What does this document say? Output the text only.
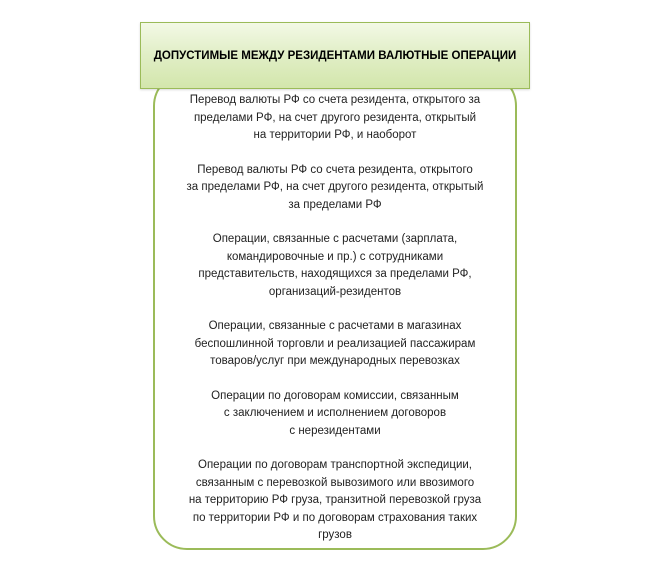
ДОПУСТИМЫЕ МЕЖДУ РЕЗИДЕНТАМИ ВАЛЮТНЫЕ ОПЕРАЦИИ
Перевод валюты РФ со счета резидента, открытого за
пределами РФ, на счет другого резидента, открытый
на территории РФ, и наоборот
Перевод валюты РФ со счета резидента, открытого
за пределами РФ, на счет другого резидента, открытый
за пределами РФ
Операции, связанные с расчетами (зарплата,
командировочные и пр.) с сотрудниками
представительств, находящихся за пределами РФ,
организаций-резидентов
Операции, связанные с расчетами в магазинах
беспошлинной торговли и реализацией пассажирам
товаров/услуг при международных перевозках
Операции по договорам комиссии, связанным
с заключением и исполнением договоров
с нерезидентами
Операции по договорам транспортной экспедиции,
связанным с перевозкой вывозимого или ввозимого
на территорию РФ груза, транзитной перевозкой груза
по территории РФ и по договорам страхования таких
грузов
